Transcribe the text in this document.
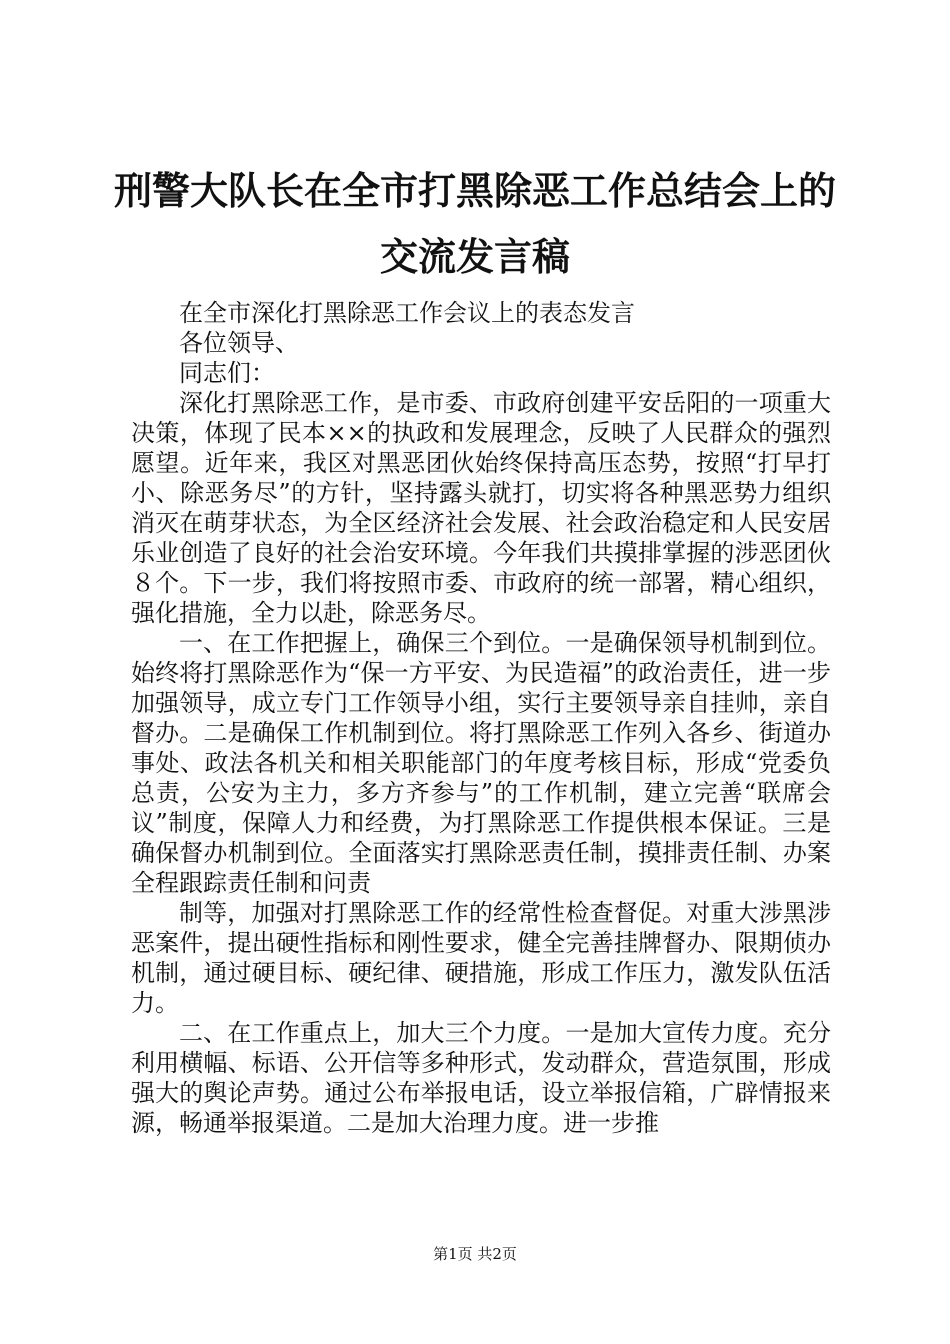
刑警大队长在全市打黑除恶工作总结会上的交流发言稿

在全市深化打黑除恶工作会议上的表态发言

各位领导、

同志们：

深化打黑除恶工作，是市委、市政府创建平安岳阳的一项重大决策，体现了民本××的执政和发展理念，反映了人民群众的强烈愿望。近年来，我区对黑恶团伙始终保持高压态势，按照“打早打小、除恶务尽”的方针，坚持露头就打，切实将各种黑恶势力组织消灭在萌芽状态，为全区经济社会发展、社会政治稳定和人民安居乐业创造了良好的社会治安环境。今年我们共摸排掌握的涉恶团伙８个。下一步，我们将按照市委、市政府的统一部署，精心组织，强化措施，全力以赴，除恶务尽。

一、在工作把握上，确保三个到位。一是确保领导机制到位。始终将打黑除恶作为“保一方平安、为民造福”的政治责任，进一步加强领导，成立专门工作领导小组，实行主要领导亲自挂帅，亲自督办。二是确保工作机制到位。将打黑除恶工作列入各乡、街道办事处、政法各机关和相关职能部门的年度考核目标，形成“党委负总责，公安为主力，多方齐参与”的工作机制，建立完善“联席会议”制度，保障人力和经费，为打黑除恶工作提供根本保证。三是确保督办机制到位。全面落实打黑除恶责任制，摸排责任制、办案全程跟踪责任制和问责

制等，加强对打黑除恶工作的经常性检查督促。对重大涉黑涉恶案件，提出硬性指标和刚性要求，健全完善挂牌督办、限期侦办机制，通过硬目标、硬纪律、硬措施，形成工作压力，激发队伍活力。

二、在工作重点上，加大三个力度。一是加大宣传力度。充分利用横幅、标语、公开信等多种形式，发动群众，营造氛围，形成强大的舆论声势。通过公布举报电话，设立举报信箱，广辟情报来源，畅通举报渠道。二是加大治理力度。进一步推

第1页 共2页
